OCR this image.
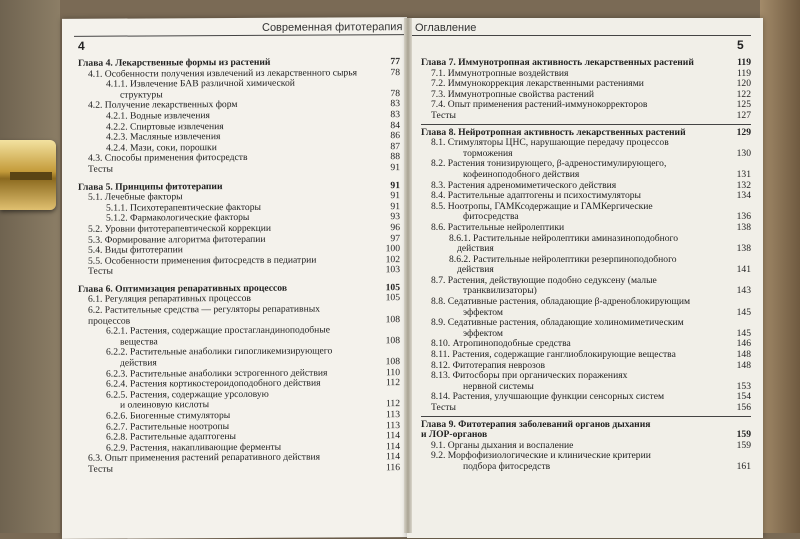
Современная фитотерапия
4
Глава 4. Лекарственные формы из растений	77
4.1. Особенности получения извлечений из лекарственного сырья	78
4.1.1. Извлечение БАВ различной химической
структуры	78
4.2. Получение лекарственных форм	83
4.2.1. Водные извлечения	83
4.2.2. Спиртовые извлечения	84
4.2.3. Масляные извлечения	86
4.2.4. Мази, соки, порошки	87
4.3. Способы применения фитосредств	88
Тесты	91
Глава 5. Принципы фитотерапии	91
5.1. Лечебные факторы	91
5.1.1. Психотерапевтические факторы	91
5.1.2. Фармакологические факторы	93
5.2. Уровни фитотерапевтической коррекции	96
5.3. Формирование алгоритма фитотерапии	97
5.4. Виды фитотерапии	100
5.5. Особенности применения фитосредств в педиатрии	102
Тесты	103
Глава 6. Оптимизация репаративных процессов	105
6.1. Регуляция репаративных процессов	105
6.2. Растительные средства — регуляторы репаративных
процессов	108
6.2.1. Растения, содержащие простагландиноподобные
вещества	108
6.2.2. Растительные анаболики гипогликемизирующего
действия	108
6.2.3. Растительные анаболики эстрогенного действия	110
6.2.4. Растения кортикостероидоподобного действия	112
6.2.5. Растения, содержащие урсоловую
и олеиновую кислоты	112
6.2.6. Биогенные стимуляторы	113
6.2.7. Растительные ноотропы	113
6.2.8. Растительные адаптогены	114
6.2.9. Растения, накапливающие ферменты	114
6.3. Опыт применения растений репаративного действия	114
Тесты	116
Оглавление
5
Глава 7. Иммунотропная активность лекарственных растений	119
7.1. Иммунотропные воздействия	119
7.2. Иммунокоррекция лекарственными растениями	120
7.3. Иммунотропные свойства растений	122
7.4. Опыт применения растений-иммунокорректоров	125
Тесты	127
Глава 8. Нейротропная активность лекарственных растений	129
8.1. Стимуляторы ЦНС, нарушающие передачу процессов
торможения	130
8.2. Растения тонизирующего, β-адреностимулирующего,
кофеиноподобного действия	131
8.3. Растения адреномиметического действия	132
8.4. Растительные адаптогены и психостимуляторы	134
8.5. Ноотропы, ГАМКсодержащие и ГАМКергические
фитосредства	136
8.6. Растительные нейролептики	138
8.6.1. Растительные нейролептики аминазиноподобного
действия	138
8.6.2. Растительные нейролептики резерпиноподобного
действия	141
8.7. Растения, действующие подобно седуксену (малые
транквилизаторы)	143
8.8. Седативные растения, обладающие β-адреноблокирующим
эффектом	145
8.9. Седативные растения, обладающие холиномиметическим
эффектом	145
8.10. Атропиноподобные средства	146
8.11. Растения, содержащие ганглиоблокирующие вещества	148
8.12. Фитотерапия неврозов	148
8.13. Фитосборы при органических поражениях
нервной системы	153
8.14. Растения, улучшающие функции сенсорных систем	154
Тесты	156
Глава 9. Фитотерапия заболеваний органов дыхания
и ЛОР-органов	159
9.1. Органы дыхания и воспаление	159
9.2. Морфофизиологические и клинические критерии
подбора фитосредств	161
